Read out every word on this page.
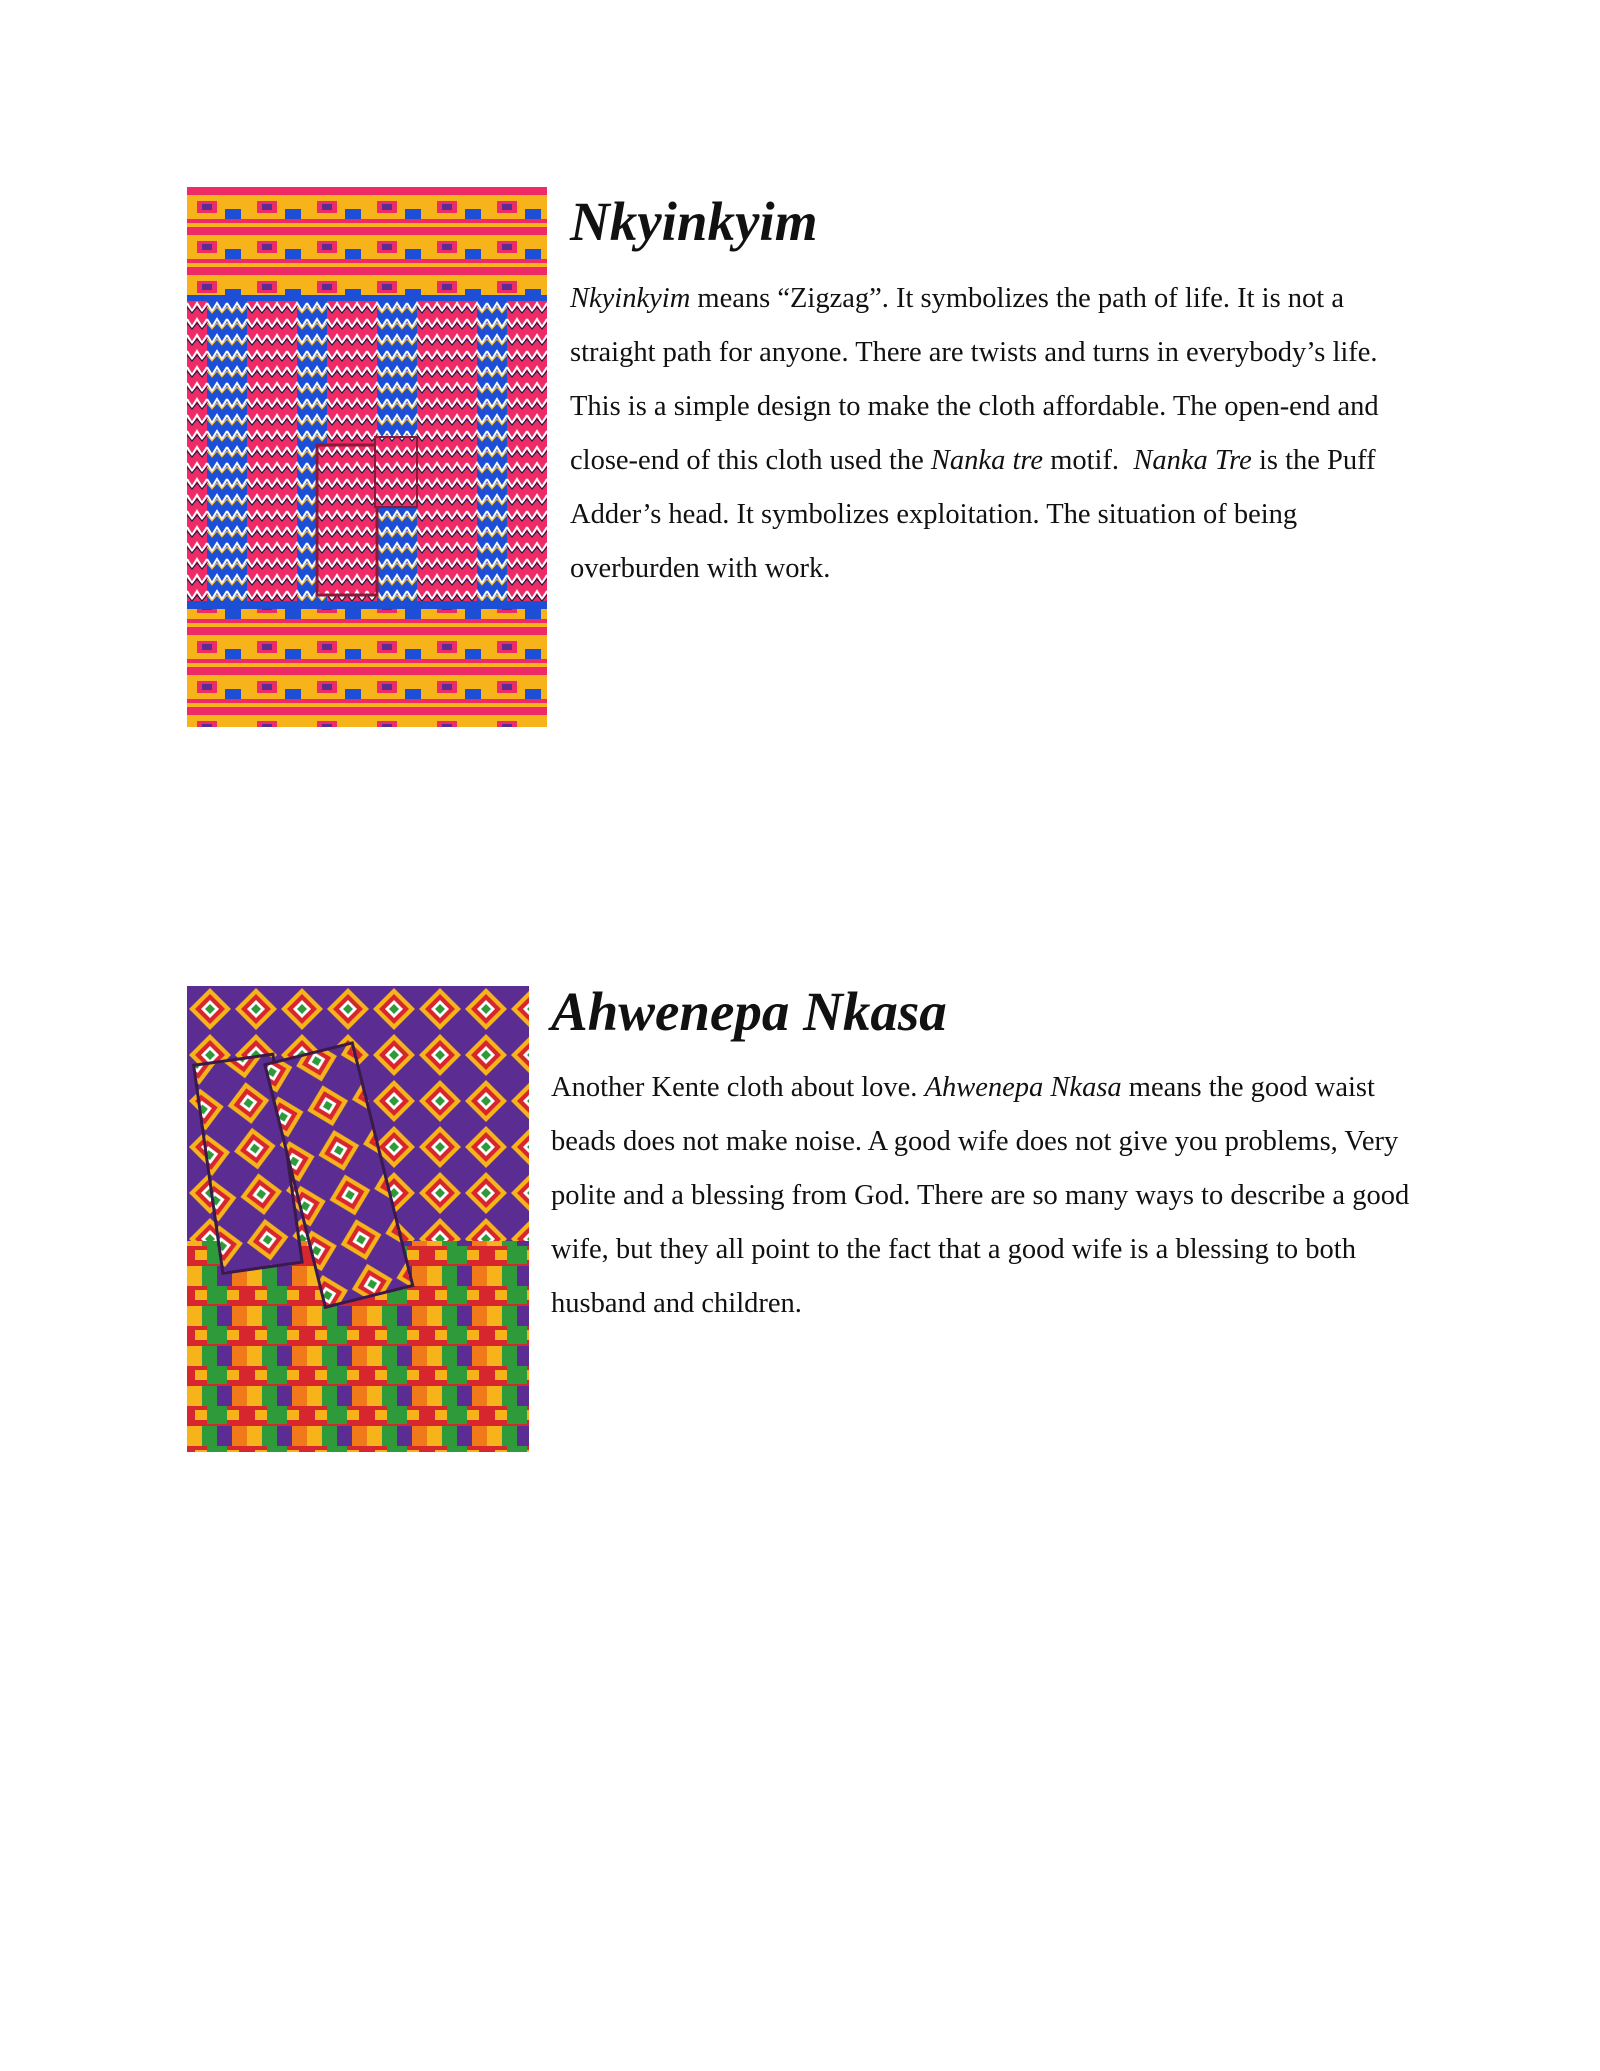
Nkyinkyim

Nkyinkyim means “Zigzag”. It symbolizes the path of life. It is not a straight path for anyone. There are twists and turns in everybody’s life. This is a simple design to make the cloth affordable. The open-end and close-end of this cloth used the Nanka tre motif.  Nanka Tre is the Puff Adder’s head. It symbolizes exploitation. The situation of being overburden with work.

Ahwenepa Nkasa

Another Kente cloth about love. Ahwenepa Nkasa means the good waist beads does not make noise. A good wife does not give you problems, Very polite and a blessing from God. There are so many ways to describe a good wife, but they all point to the fact that a good wife is a blessing to both husband and children.
